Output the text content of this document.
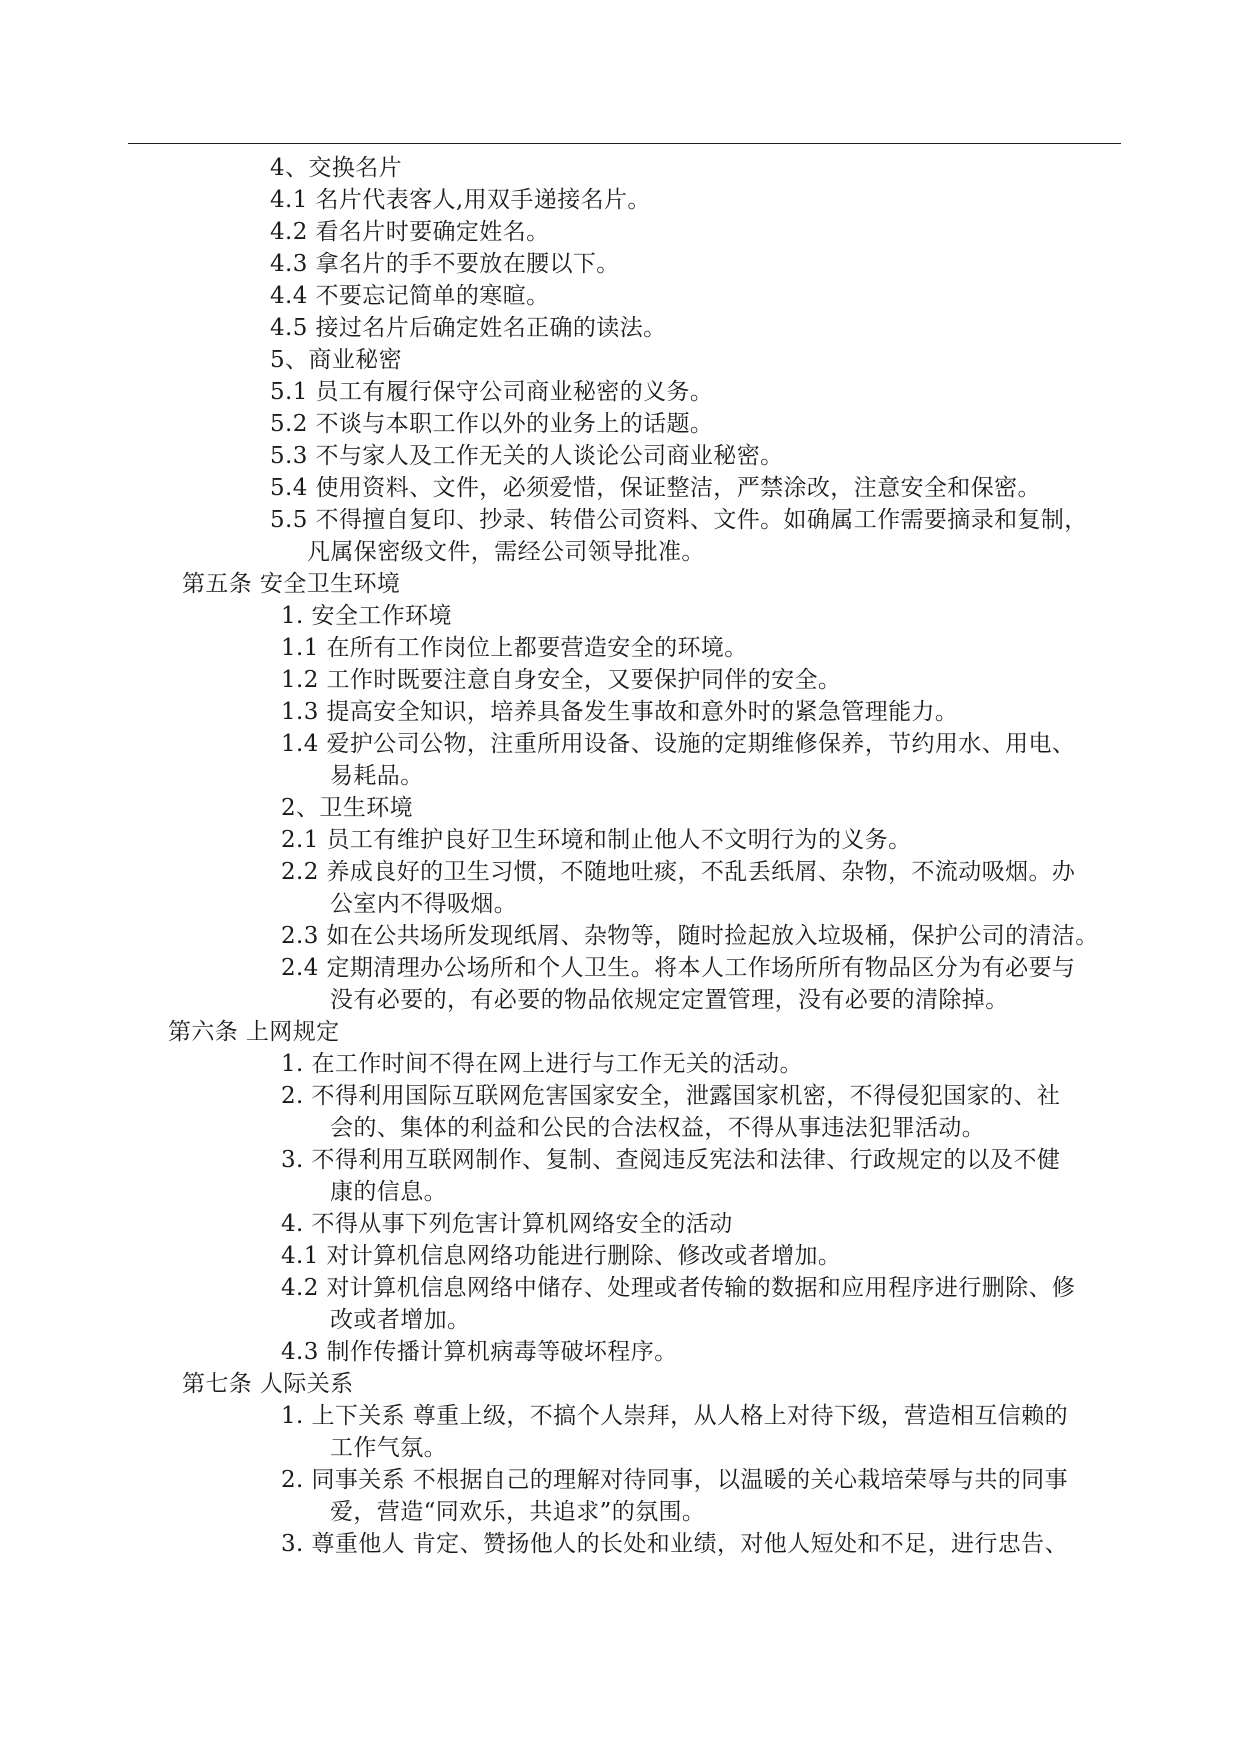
4、交换名片
4.1 名片代表客人,用双手递接名片。
4.2 看名片时要确定姓名。
4.3 拿名片的手不要放在腰以下。
4.4 不要忘记简单的寒暄。
4.5 接过名片后确定姓名正确的读法。
5、商业秘密
5.1 员工有履行保守公司商业秘密的义务。
5.2 不谈与本职工作以外的业务上的话题。
5.3 不与家人及工作无关的人谈论公司商业秘密。
5.4 使用资料、文件，必须爱惜，保证整洁，严禁涂改，注意安全和保密。
5.5 不得擅自复印、抄录、转借公司资料、文件。如确属工作需要摘录和复制，
凡属保密级文件，需经公司领导批准。
第五条 安全卫生环境
1. 安全工作环境
1.1 在所有工作岗位上都要营造安全的环境。
1.2 工作时既要注意自身安全，又要保护同伴的安全。
1.3 提高安全知识，培养具备发生事故和意外时的紧急管理能力。
1.4 爱护公司公物，注重所用设备、设施的定期维修保养，节约用水、用电、
易耗品。
2、卫生环境
2.1 员工有维护良好卫生环境和制止他人不文明行为的义务。
2.2 养成良好的卫生习惯，不随地吐痰，不乱丢纸屑、杂物，不流动吸烟。办
公室内不得吸烟。
2.3 如在公共场所发现纸屑、杂物等，随时捡起放入垃圾桶，保护公司的清洁。
2.4 定期清理办公场所和个人卫生。将本人工作场所所有物品区分为有必要与
没有必要的，有必要的物品依规定定置管理，没有必要的清除掉。
第六条 上网规定
1. 在工作时间不得在网上进行与工作无关的活动。
2. 不得利用国际互联网危害国家安全，泄露国家机密，不得侵犯国家的、社
会的、集体的利益和公民的合法权益，不得从事违法犯罪活动。
3. 不得利用互联网制作、复制、查阅违反宪法和法律、行政规定的以及不健
康的信息。
4. 不得从事下列危害计算机网络安全的活动
4.1 对计算机信息网络功能进行删除、修改或者增加。
4.2 对计算机信息网络中储存、处理或者传输的数据和应用程序进行删除、修
改或者增加。
4.3 制作传播计算机病毒等破坏程序。
第七条 人际关系
1. 上下关系 尊重上级，不搞个人崇拜，从人格上对待下级，营造相互信赖的
工作气氛。
2. 同事关系 不根据自己的理解对待同事，以温暖的关心栽培荣辱与共的同事
爱，营造“同欢乐，共追求”的氛围。
3. 尊重他人 肯定、赞扬他人的长处和业绩，对他人短处和不足，进行忠告、
